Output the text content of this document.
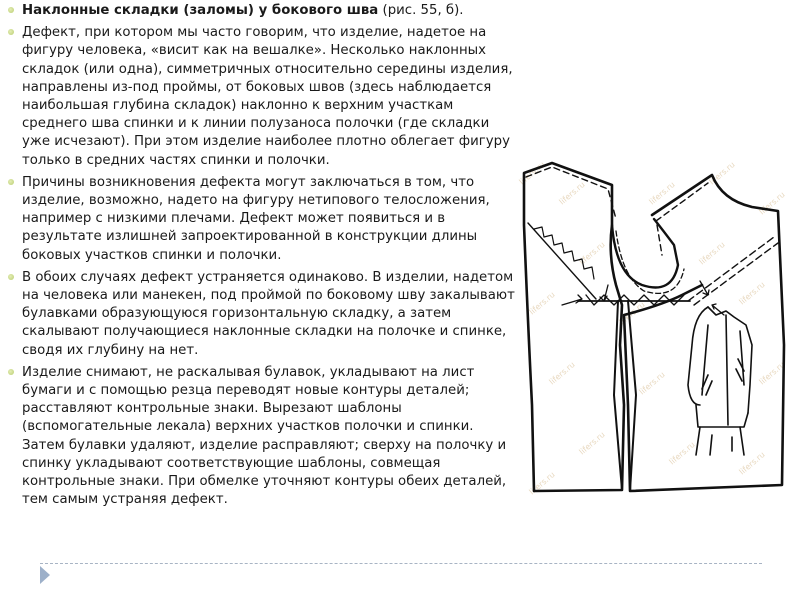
Наклонные складки (заломы) у бокового шва (рис. 55, б).
Дефект, при котором мы часто говорим, что изделие, надетое на фигуру человека, «висит как на вешалке». Несколько наклонных складок (или одна), симметричных относительно середины изделия, направлены из-под проймы, от боковых швов (здесь наблюдается наибольшая глубина складок) наклонно к верхним участкам среднего шва спинки и к линии полузаноса полочки (где складки уже исчезают). При этом изделие наиболее плотно облегает фигуру только в средних частях спинки и полочки.
Причины возникновения дефекта могут заключаться в том, что изделие, возможно, надето на фигуру нетипового телосложения, например с низкими плечами. Дефект может появиться и в результате излишней запроектированной в конструкции длины боковых участков спинки и полочки.
В обоих случаях дефект устраняется одинаково. В изделии, надетом на человека или манекен, под проймой по боковому шву закалывают булавками образующуюся горизонтальную складку, а затем скалывают получающиеся наклонные складки на полочке и спинке, сводя их глубину на нет.
Изделие снимают, не раскалывая булавок, укладывают на лист бумаги и с помощью резца переводят новые контуры деталей; расставляют контрольные знаки. Вырезают шаблоны (вспомогательные лекала) верхних участков полочки и спинки. Затем булавки удаляют, изделие расправляют; сверху на полочку и спинку укладывают соответствующие шаблоны, совмещая контрольные знаки. При обмелке уточняют контуры обеих деталей, тем самым устраняя дефект.
lifers.ru
lifers.ru	lifers.ru
lifers.ru
lifers.ru
lifers.ru	lifers.ru
lifers.ru	lifers.ru
lifers.ru
lifers.ru	lifers.ru	lifers.ru
lifers.ru	lifers.ru	lifers.ru
lifers.ru
